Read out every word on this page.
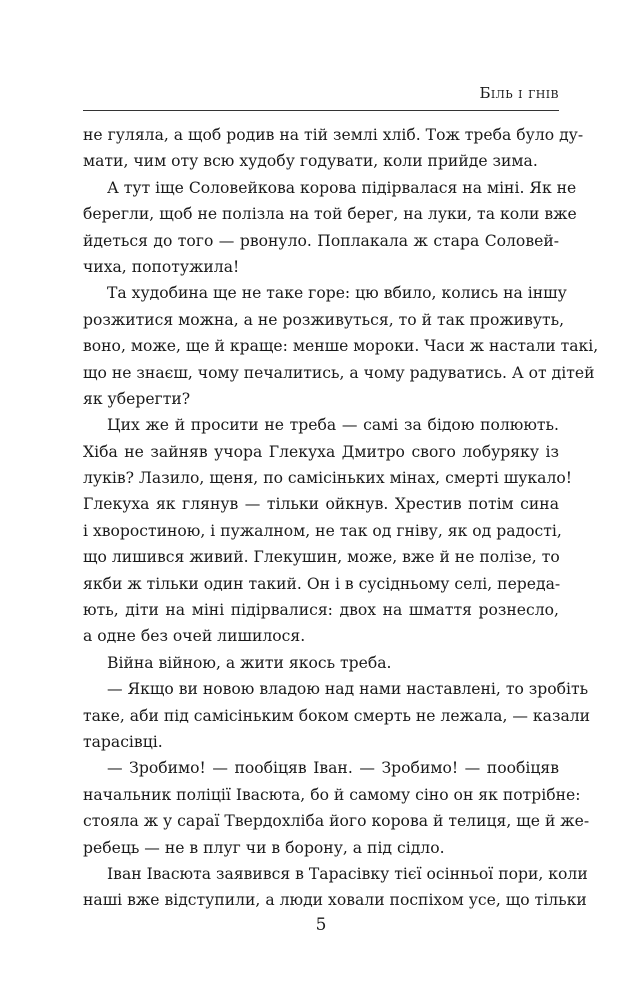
Біль і гнів
не гуляла, а щоб родив на тій землі хліб. Тож треба було ду-
мати, чим оту всю худобу годувати, коли прийде зима.
А тут іще Соловейкова корова підірвалася на міні. Як не
берегли, щоб не полізла на той берег, на луки, та коли вже
йдеться до того — рвонуло. Поплакала ж стара Соловей-
чиха, попотужила!
Та худобина ще не таке горе: цю вбило, колись на іншу
розжитися можна, а не розживуться, то й так проживуть,
воно, може, ще й краще: менше мороки. Часи ж настали такі,
що не знаєш, чому печалитись, а чому радуватись. А от дітей
як уберегти?
Цих же й просити не треба — самі за бідою полюють.
Хіба не зайняв учора Глекуха Дмитро свого лобуряку із
луків? Лазило, щеня, по самісіньких мінах, смерті шукало!
Глекуха як глянув — тільки ойкнув. Хрестив потім сина
і хворостиною, і пужалном, не так од гніву, як од радості,
що лишився живий. Глекушин, може, вже й не полізе, то
якби ж тільки один такий. Он і в сусідньому селі, переда-
ють, діти на міні підірвалися: двох на шмаття рознесло,
а одне без очей лишилося.
Війна війною, а жити якось треба.
— Якщо ви новою владою над нами наставлені, то зробіть
таке, аби під самісіньким боком смерть не лежала, — казали
тарасівці.
— Зробимо! — пообіцяв Іван. — Зробимо! — пообіцяв
начальник поліції Івасюта, бо й самому сіно он як потрібне:
стояла ж у сараї Твердохліба його корова й телиця, ще й же-
ребець — не в плуг чи в борону, а під сідло.
Іван Івасюта заявився в Тарасівку тієї осінньої пори, коли
наші вже відступили, а люди ховали поспіхом усе, що тільки
5
